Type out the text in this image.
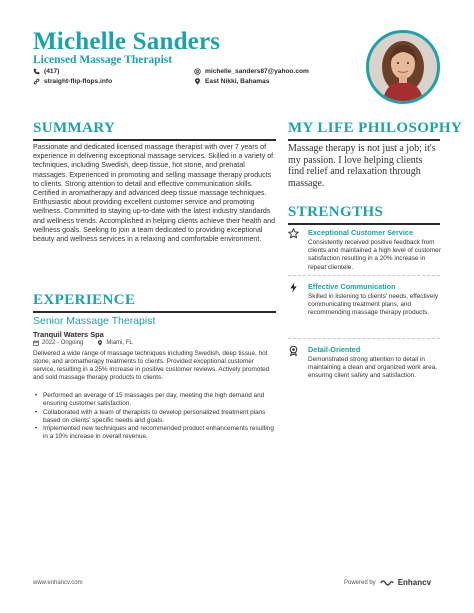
Michelle Sanders
Licensed Massage Therapist
(417)
straight-flip-flops.info
michelle_sanders87@yahoo.com
East Nikki, Bahamas
SUMMARY
Passionate and dedicated licensed massage therapist with over 7 years of experience in delivering exceptional massage services. Skilled in a variety of techniques, including Swedish, deep tissue, hot stone, and prenatal massages. Experienced in promoting and selling massage therapy products to clients. Strong attention to detail and effective communication skills. Certified in aromatherapy and advanced deep tissue massage techniques. Enthusiastic about providing excellent customer service and promoting wellness. Committed to staying up-to-date with the latest industry standards and wellness trends. Accomplished in helping clients achieve their health and wellness goals. Seeking to join a team dedicated to providing exceptional beauty and wellness services in a relaxing and comfortable environment.
MY LIFE PHILOSOPHY
Massage therapy is not just a job; it's my passion. I love helping clients find relief and relaxation through massage.
STRENGTHS
Exceptional Customer Service
Consistently received positive feedback from clients and maintained a high level of customer satisfaction resulting in a 20% increase in repeat clientele.
Effective Communication
Skilled in listening to clients' needs, effectively communicating treatment plans, and recommending massage therapy products.
Detail-Oriented
Demonstrated strong attention to detail in maintaining a clean and organized work area, ensuring client safety and satisfaction.
EXPERIENCE
Senior Massage Therapist
Tranquil Waters Spa
2022 - Ongoing	Miami, FL
Delivered a wide range of massage techniques including Swedish, deep tissue, hot stone, and aromatherapy treatments to clients. Provided exceptional customer service, resulting in a 25% increase in positive customer reviews. Actively promoted and sold massage therapy products to clients.
• Performed an average of 15 massages per day, meeting the high demand and ensuring customer satisfaction.
• Collaborated with a team of therapists to develop personalized treatment plans based on clients' specific needs and goals.
• Implemented new techniques and recommended product enhancements resulting in a 10% increase in overall revenue.
www.enhancv.com	Powered by	Enhancv
